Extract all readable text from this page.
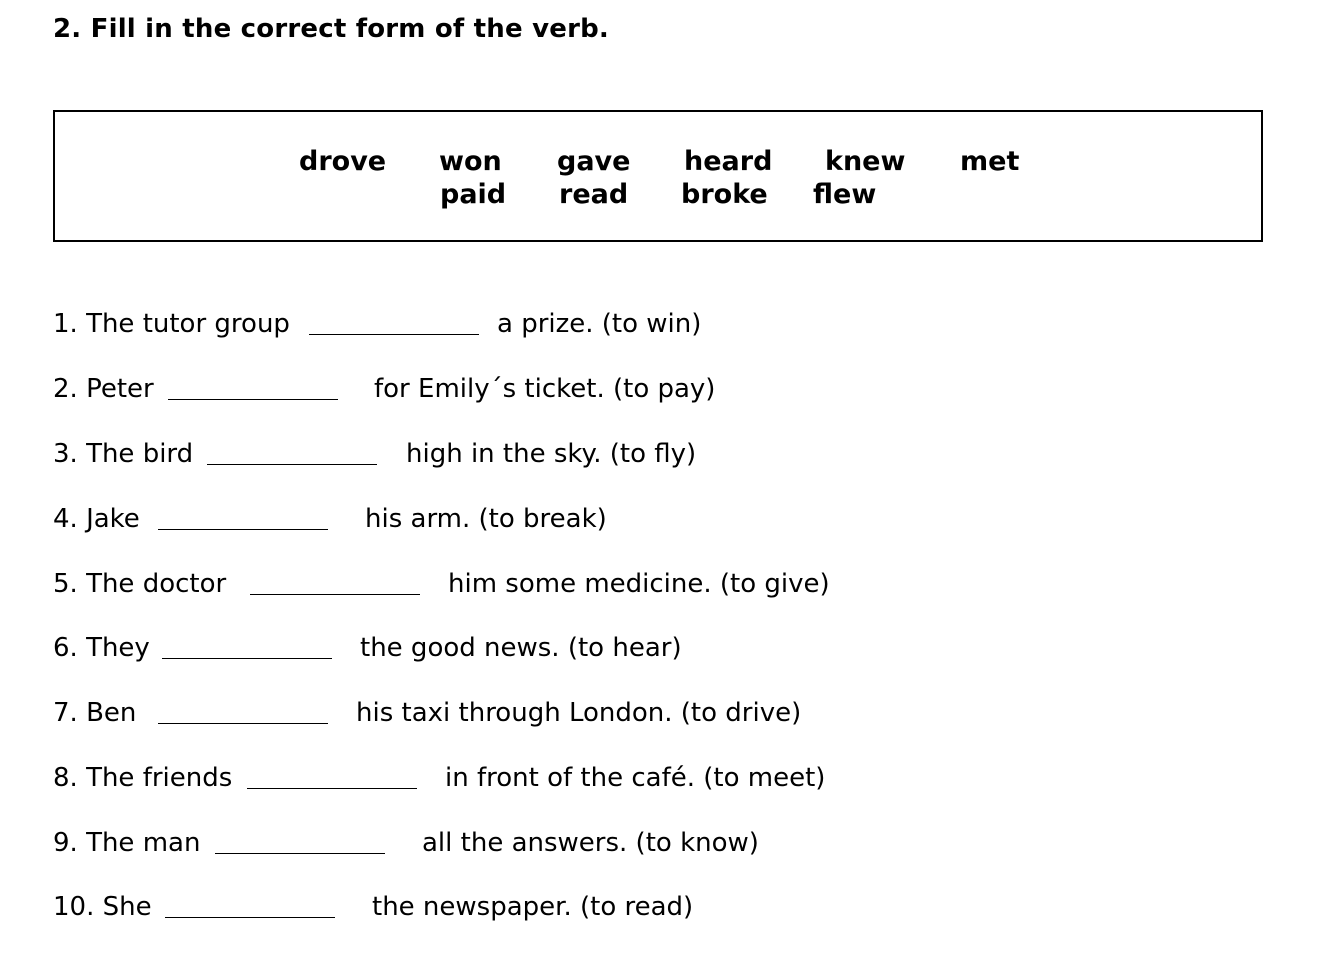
2. Fill in the correct form of the verb.
drove won gave heard knew met
paid read broke flew
1. The tutor group	a prize. (to win)
2. Peter	for Emily´s ticket. (to pay)
3. The bird	high in the sky. (to fly)
4. Jake	his arm. (to break)
5. The doctor	him some medicine. (to give)
6. They	the good news. (to hear)
7. Ben	his taxi through London. (to drive)
8. The friends	in front of the café. (to meet)
9. The man	all the answers. (to know)
10. She	the newspaper. (to read)
